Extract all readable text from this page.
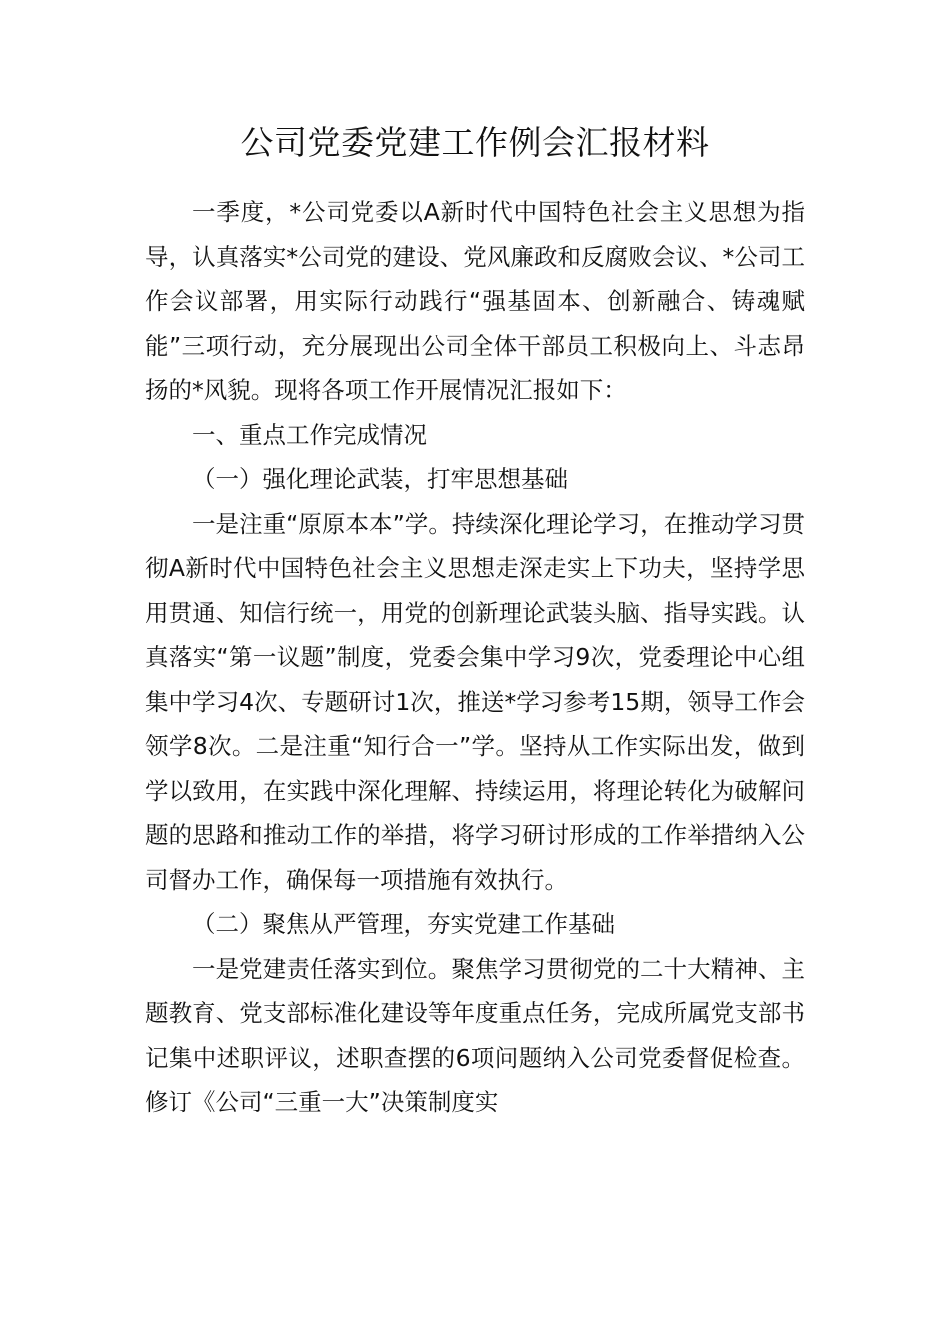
公司党委党建工作例会汇报材料

一季度，*公司党委以A新时代中国特色社会主义思想为指导，认真落实*公司党的建设、党风廉政和反腐败会议、*公司工作会议部署，用实际行动践行“强基固本、创新融合、铸魂赋能”三项行动，充分展现出公司全体干部员工积极向上、斗志昂扬的*风貌。现将各项工作开展情况汇报如下：

一、重点工作完成情况

（一）强化理论武装，打牢思想基础

一是注重“原原本本”学。持续深化理论学习，在推动学习贯彻A新时代中国特色社会主义思想走深走实上下功夫，坚持学思用贯通、知信行统一，用党的创新理论武装头脑、指导实践。认真落实“第一议题”制度，党委会集中学习9次，党委理论中心组集中学习4次、专题研讨1次，推送*学习参考15期，领导工作会领学8次。二是注重“知行合一”学。坚持从工作实际出发，做到学以致用，在实践中深化理解、持续运用，将理论转化为破解问题的思路和推动工作的举措，将学习研讨形成的工作举措纳入公司督办工作，确保每一项措施有效执行。

（二）聚焦从严管理，夯实党建工作基础

一是党建责任落实到位。聚焦学习贯彻党的二十大精神、主题教育、党支部标准化建设等年度重点任务，完成所属党支部书记集中述职评议，述职查摆的6项问题纳入公司党委督促检查。修订《公司“三重一大”决策制度实
